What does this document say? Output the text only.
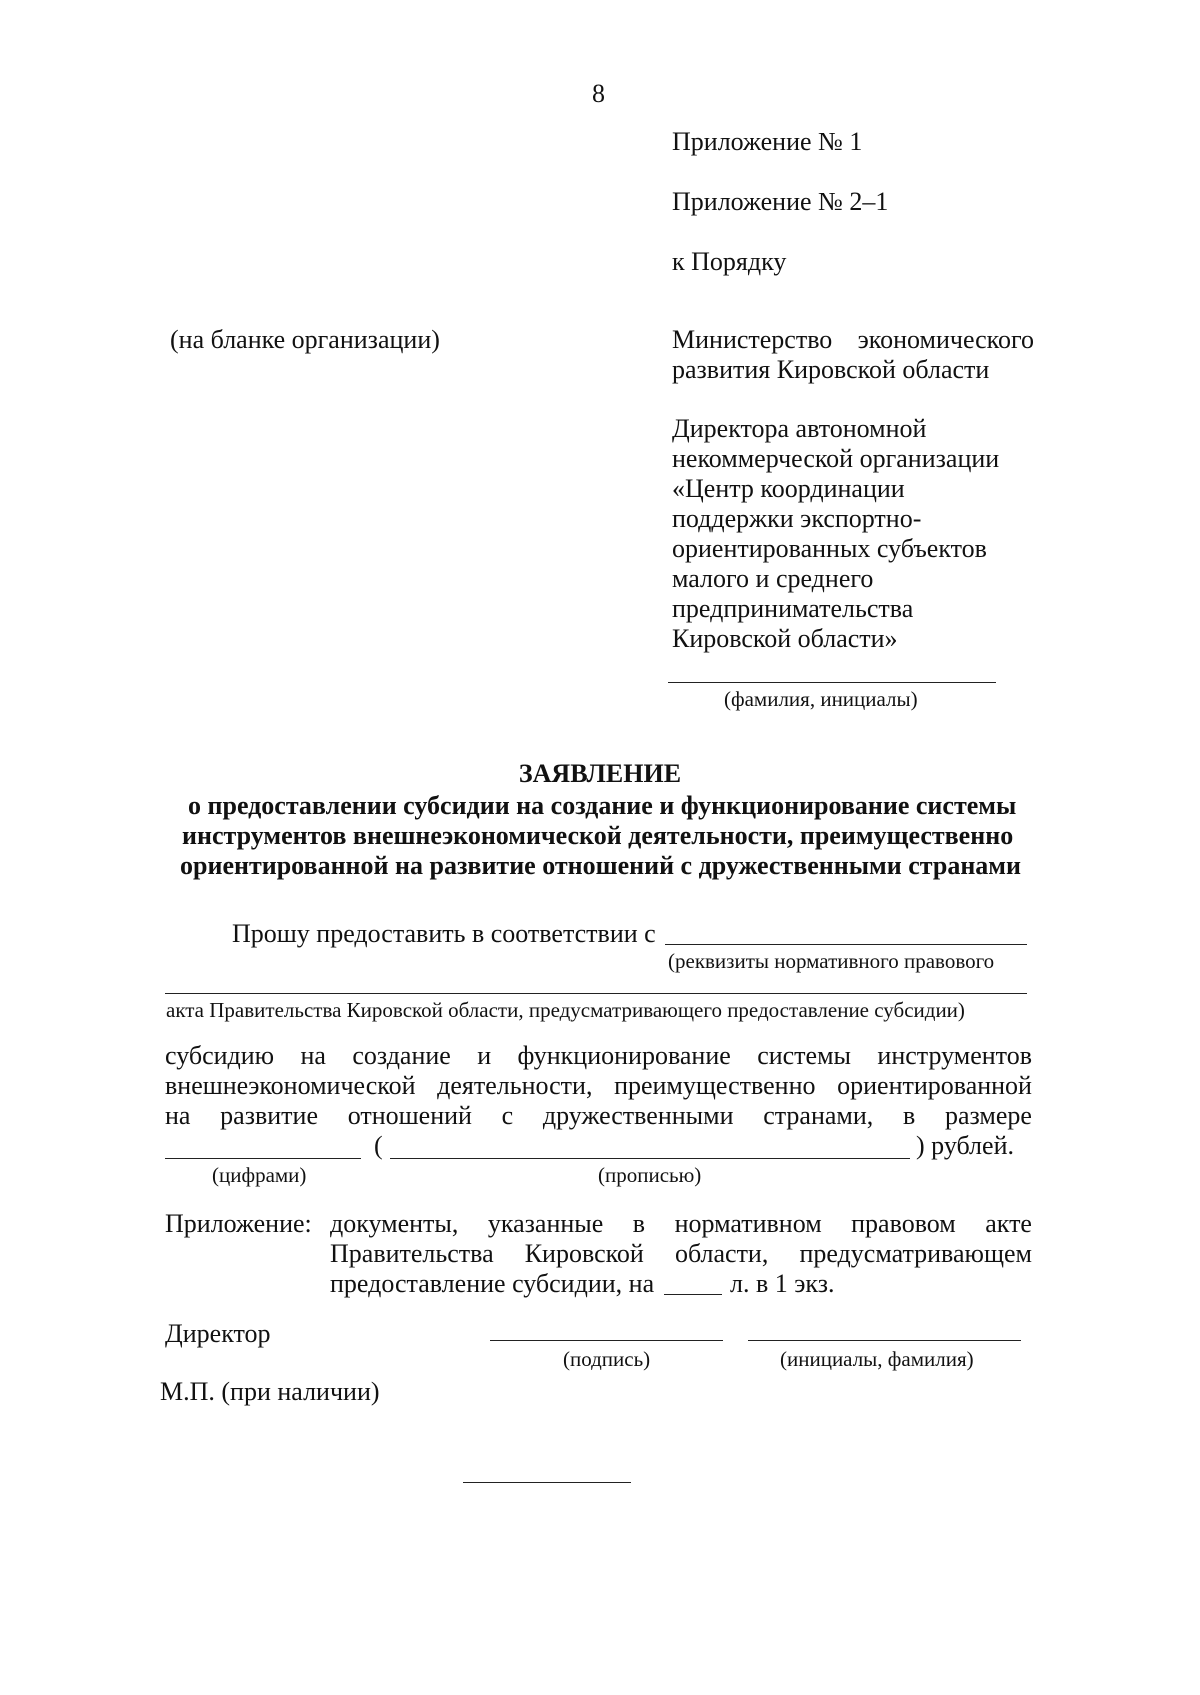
8
Приложение № 1
Приложение № 2–1
к Порядку
(на бланке организации)	Министерство экономического
развития Кировской области
Директора автономной
некоммерческой организации
«Центр координации
поддержки экспортно-
ориентированных субъектов
малого и среднего
предпринимательства
Кировской области»
(фамилия, инициалы)
ЗАЯВЛЕНИЕ
о предоставлении субсидии на создание и функционирование системы
инструментов внешнеэкономической деятельности, преимущественно
ориентированной на развитие отношений с дружественными странами
Прошу предоставить в соответствии с
(реквизиты нормативного правового
акта Правительства Кировской области, предусматривающего предоставление субсидии)
субсидию на создание и функционирование системы инструментов
внешнеэкономической деятельности, преимущественно ориентированной
на развитие отношений с дружественными странами, в размере
(	) рублей.
(цифрами)	(прописью)
Приложение: документы, указанные в нормативном правовом акте
Правительства Кировской области, предусматривающем
предоставление субсидии, на	л. в 1 экз.
Директор
(подпись)	(инициалы, фамилия)
М.П. (при наличии)
